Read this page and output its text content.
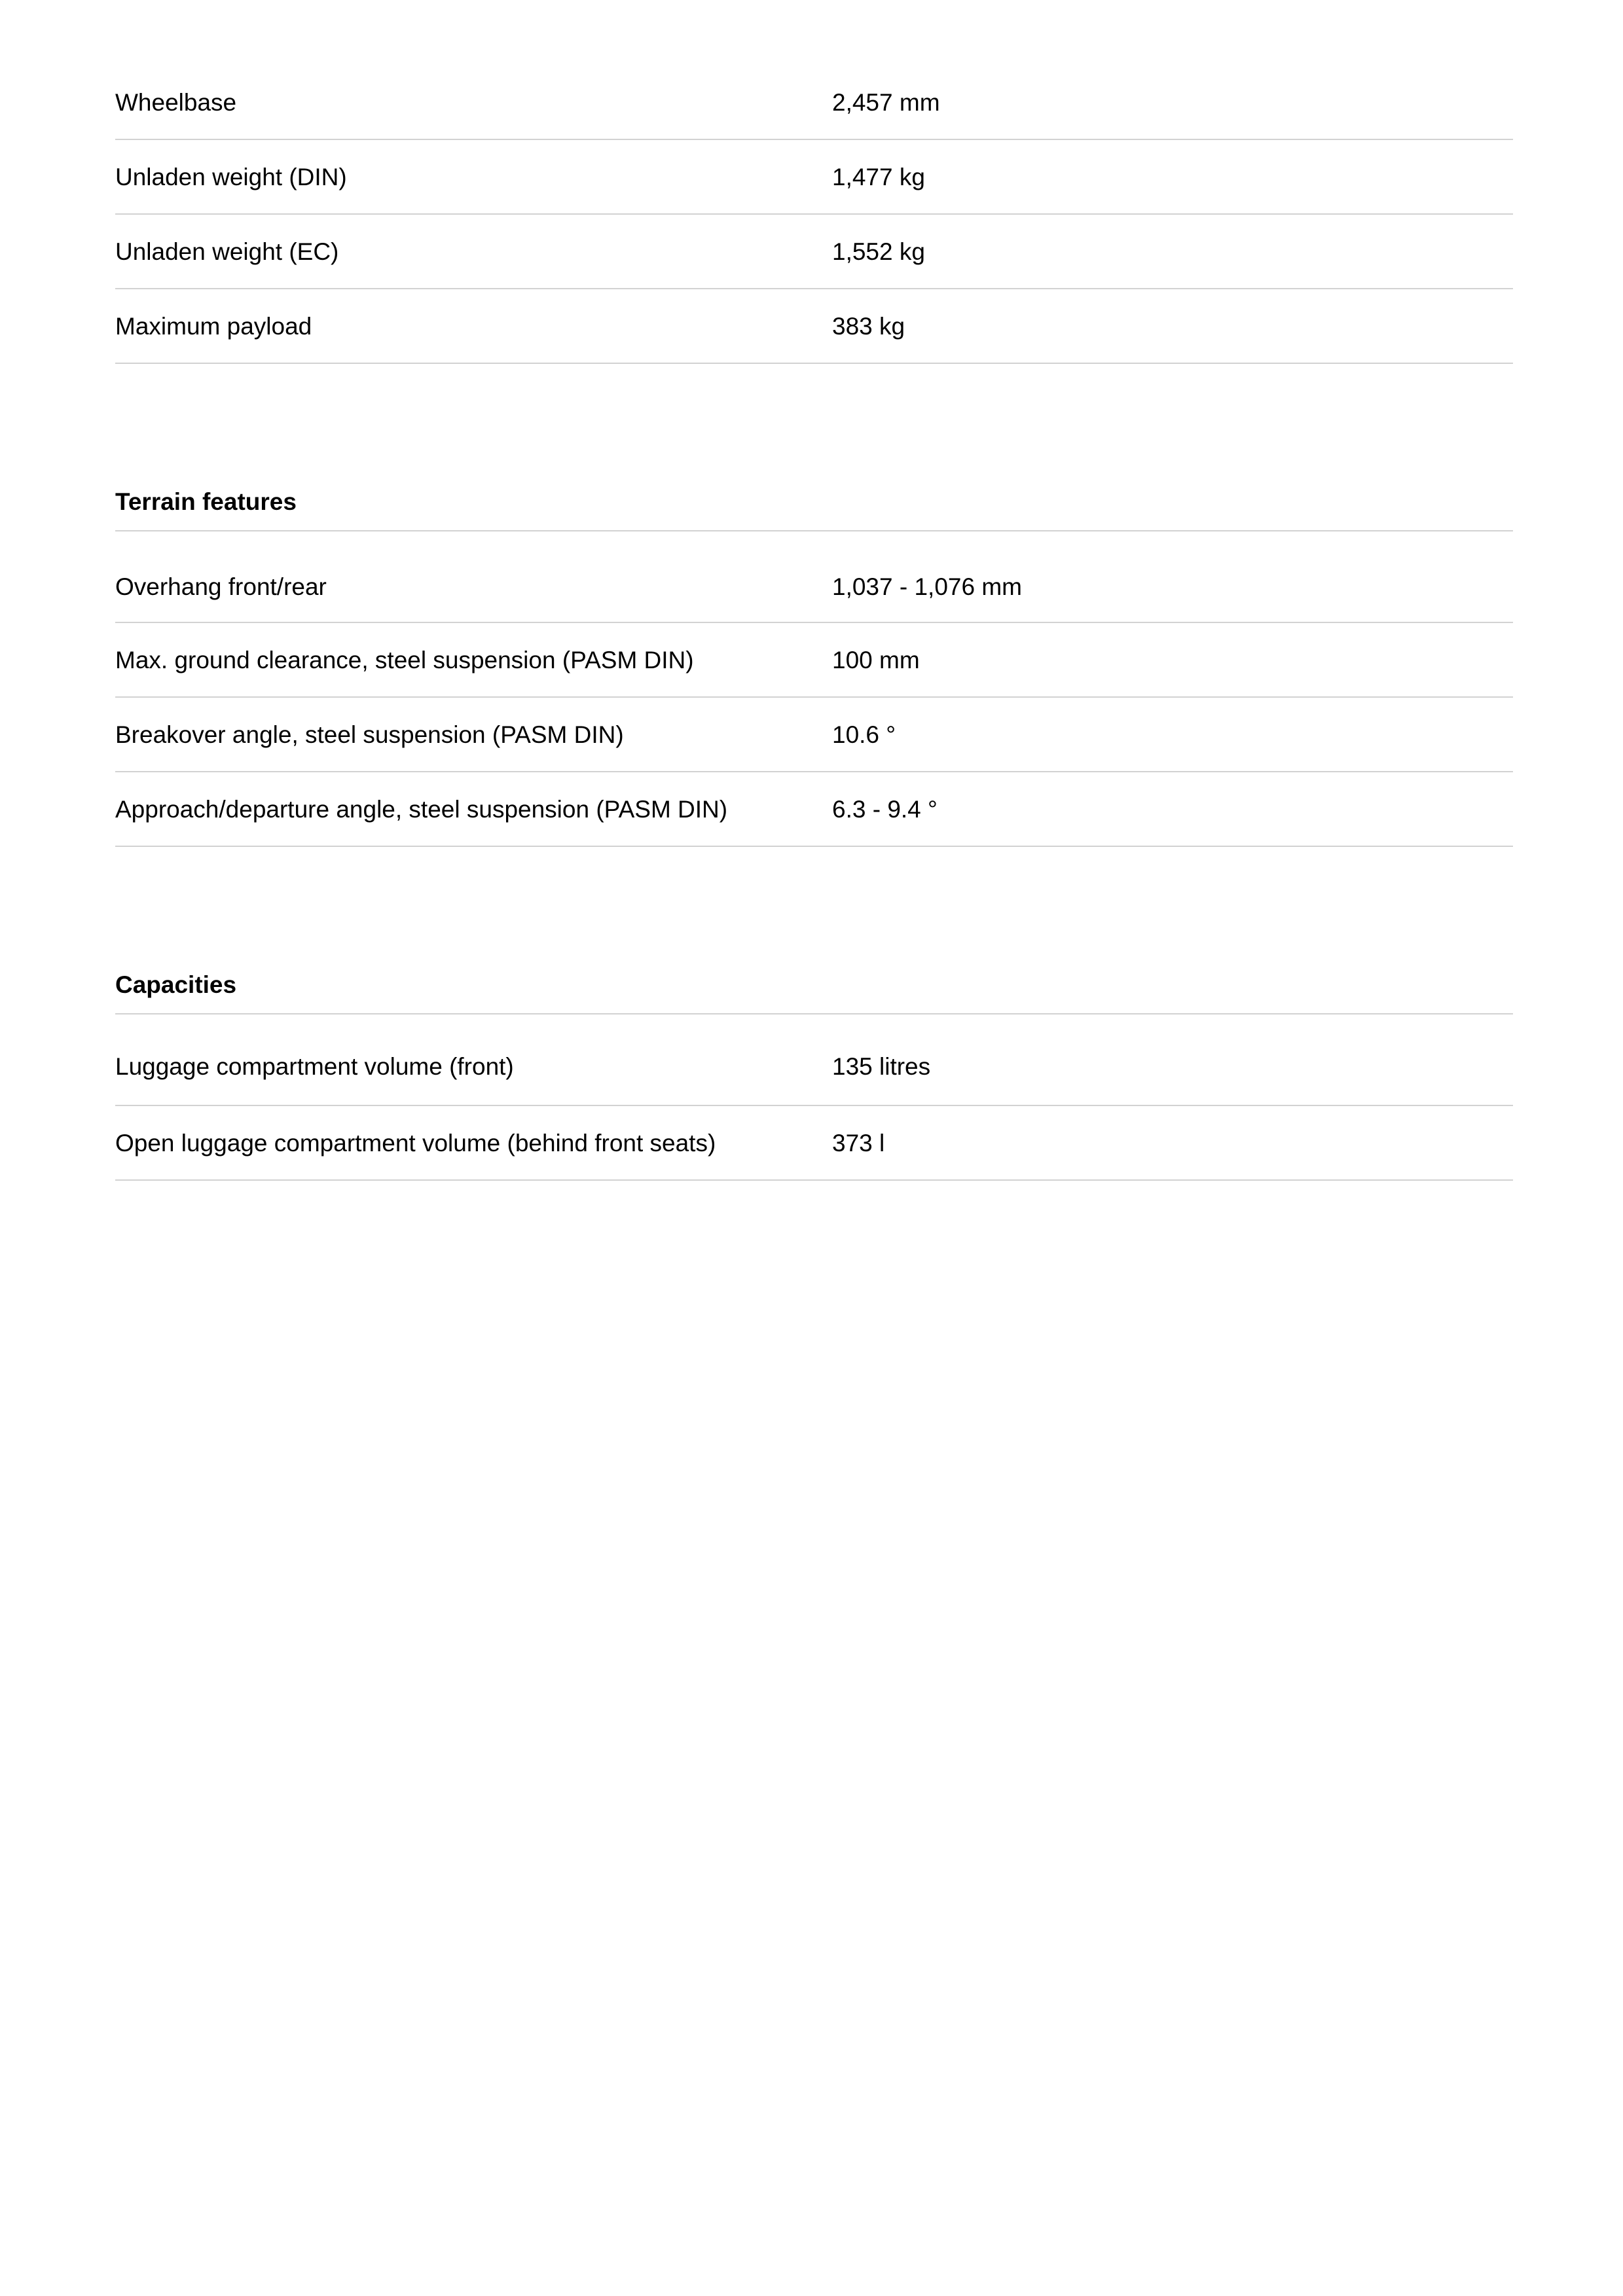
Wheelbase	2,457 mm
Unladen weight (DIN)	1,477 kg
Unladen weight (EC)	1,552 kg
Maximum payload	383 kg
Terrain features
Overhang front/rear	1,037 - 1,076 mm
Max. ground clearance, steel suspension (PASM DIN)	100 mm
Breakover angle, steel suspension (PASM DIN)	10.6 °
Approach/departure angle, steel suspension (PASM DIN)	6.3 - 9.4 °
Capacities
Luggage compartment volume (front)	135 litres
Open luggage compartment volume (behind front seats)	373 l
